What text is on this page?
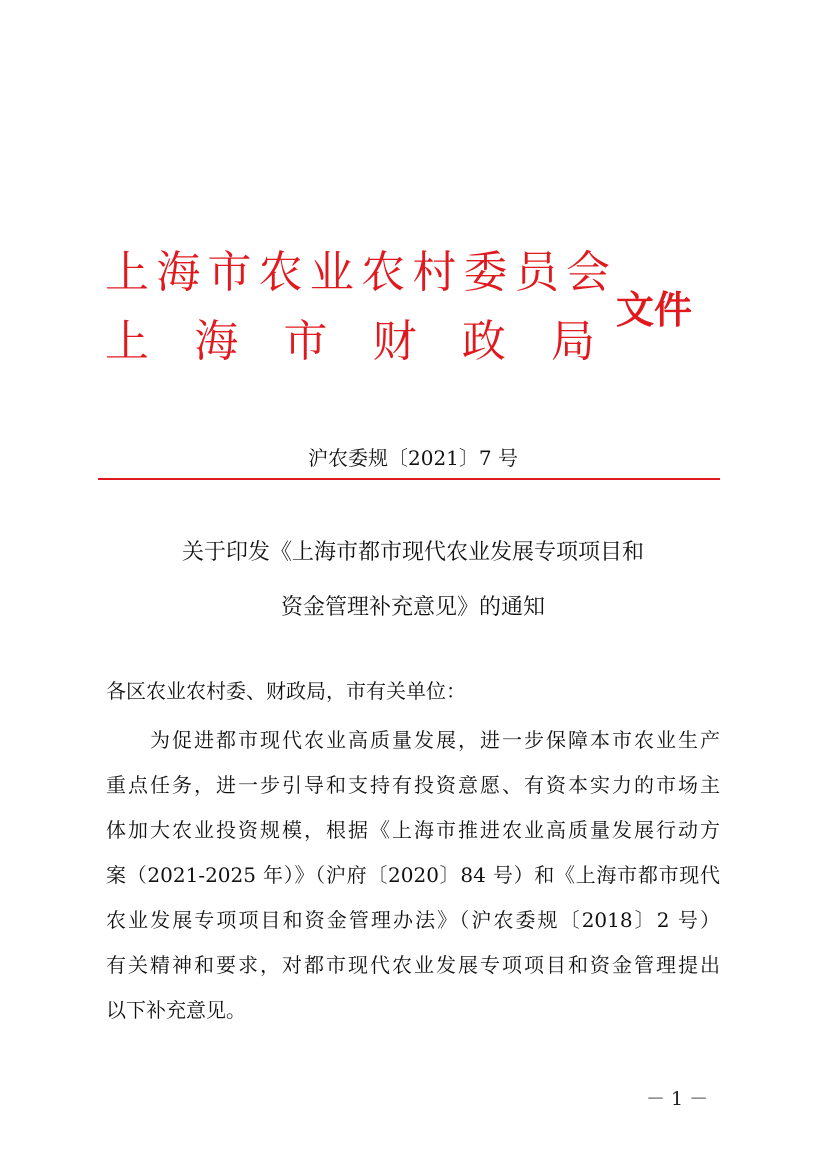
上海市农业农村委员会
上海市财政局
文件
沪农委规〔2021〕7 号
关于印发《上海市都市现代农业发展专项项目和
资金管理补充意见》的通知
各区农业农村委、财政局，市有关单位：
　　为促进都市现代农业高质量发展，进一步保障本市农业生产
重点任务，进一步引导和支持有投资意愿、有资本实力的市场主
体加大农业投资规模，根据《上海市推进农业高质量发展行动方
案（2021-2025 年）》（沪府〔2020〕84 号）和《上海市都市现代
农业发展专项项目和资金管理办法》（沪农委规〔2018〕2 号）
有关精神和要求，对都市现代农业发展专项项目和资金管理提出
以下补充意见。
－ 1 －
